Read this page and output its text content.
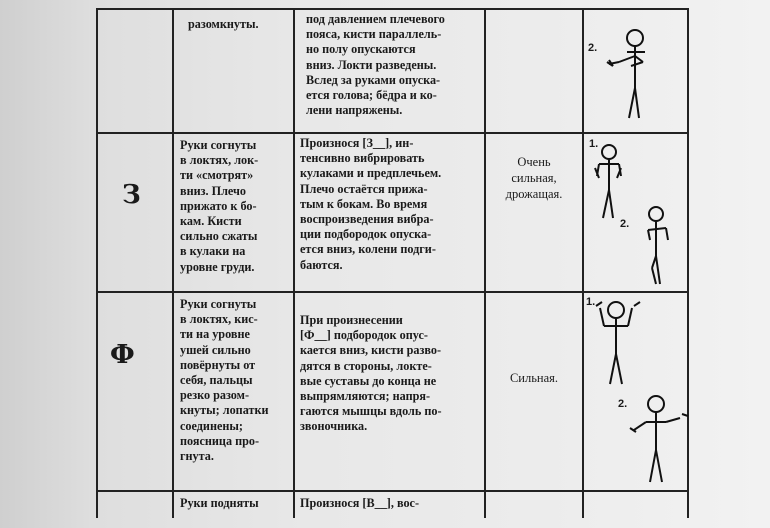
разомкнуты.	под давлением плечевого
пояса, кисти параллель-
но полу опускаются
вниз. Локти разведены.
Вслед за руками опуска-
ется голова; бёдра и ко-
лени напряжены.
2.
З
Руки согнуты
в локтях, лок-
ти «смотрят»
вниз. Плечо
прижато к бо-
кам. Кисти
сильно сжаты
в кулаки на
уровне груди.
Произнося [З__], ин-
тенсивно вибрировать
кулаками и предплечьем.
Плечо остаётся прижа-
тым к бокам. Во время
воспроизведения вибра-
ции подбородок опуска-
ется вниз, колени подги-
баются.
Очень
сильная,
дрожащая.
1.
2.
Ф
Руки согнуты
в локтях, кис-
ти на уровне
ушей сильно
повёрнуты от
себя, пальцы
резко разом-
кнуты; лопатки
соединены;
поясница про-
гнута.
При произнесении
[Ф__] подбородок опус-
кается вниз, кисти разво-
дятся в стороны, локте-
вые суставы до конца не
выпрямляются; напря-
гаются мышцы вдоль по-
звоночника.
Сильная.
1.
2.
Руки подняты	Произнося [В__], вос-
